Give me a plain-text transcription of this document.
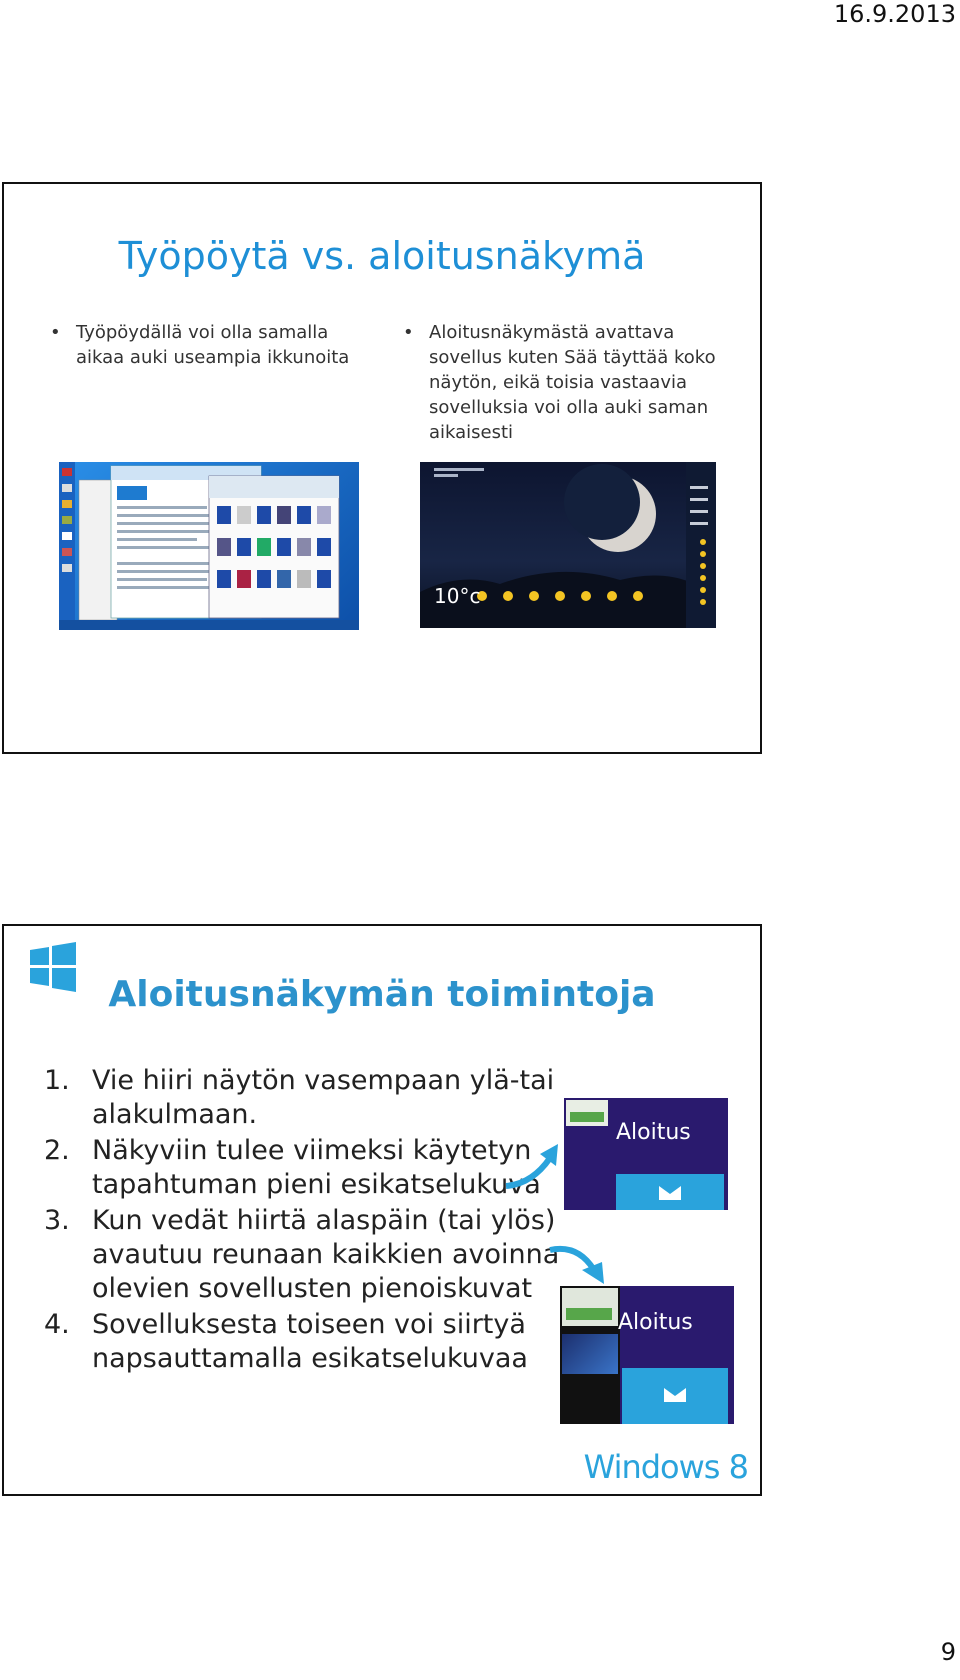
16.9.2013
Työpöytä vs. aloitusnäkymä
• Työpöydällä voi olla samalla aikaa auki useampia ikkunoita
• Aloitusnäkymästä avattava sovellus kuten Sää täyttää koko näytön, eikä toisia vastaavia sovelluksia voi olla auki saman aikaisesti
10°c
Aloitusnäkymän toimintoja
1. Vie hiiri näytön vasempaan ylä-tai alakulmaan.
2. Näkyviin tulee viimeksi käytetyn tapahtuman pieni esikatselukuva
3. Kun vedät hiirtä alaspäin (tai ylös) avautuu reunaan kaikkien avoinna olevien sovellusten pienoiskuvat
4. Sovelluksesta toiseen voi siirtyä napsauttamalla esikatselukuvaa
Aloitus
Aloitus
Windows 8
9
